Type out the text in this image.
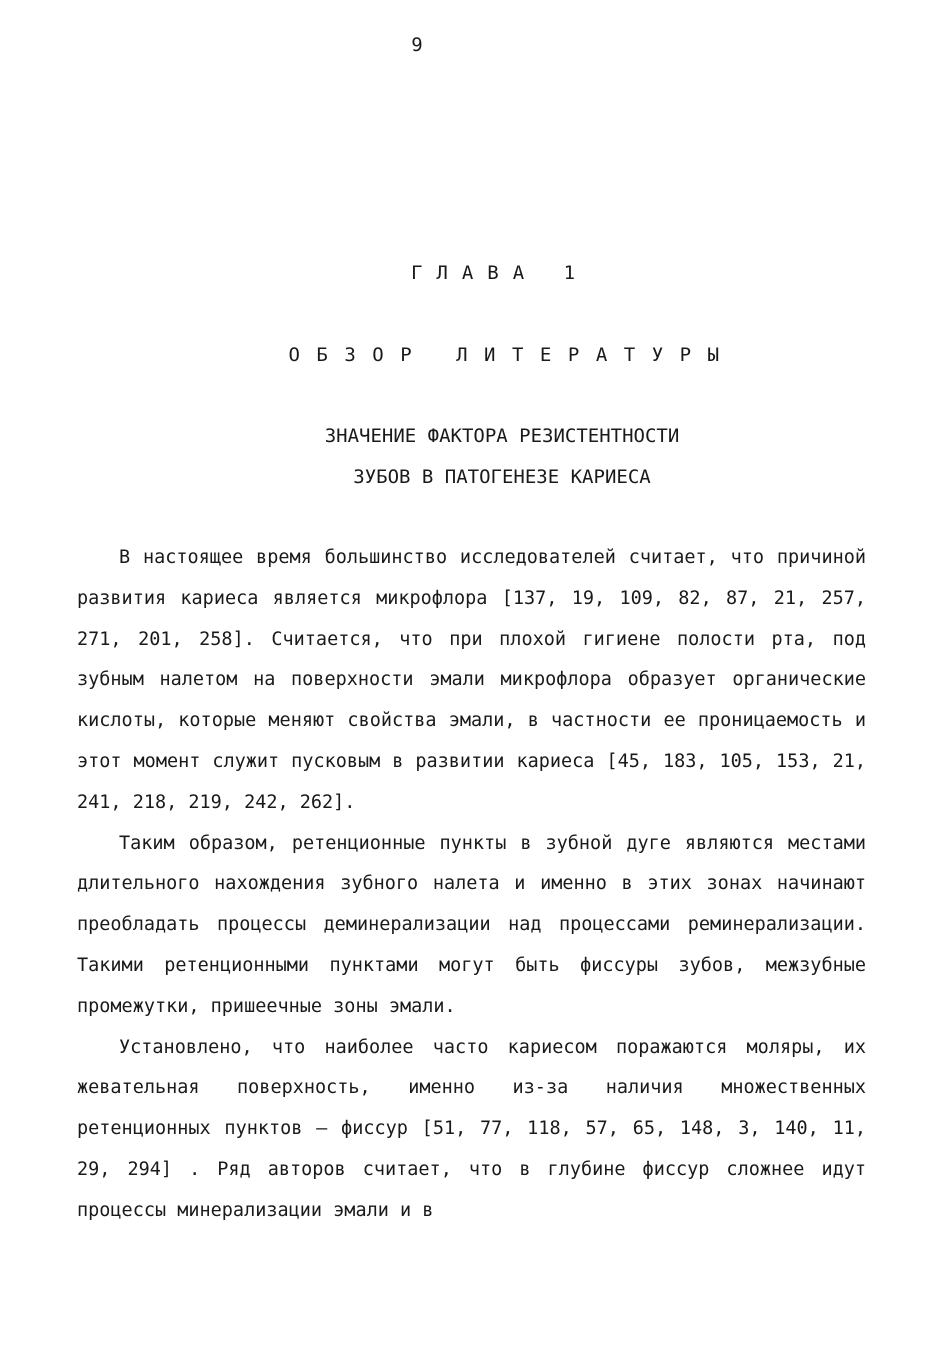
9
ГЛАВА 1
ОБЗОР ЛИТЕРАТУРЫ
ЗНАЧЕНИЕ ФАКТОРА РЕЗИСТЕНТНОСТИ
ЗУБОВ В ПАТОГЕНЕЗЕ КАРИЕСА

В настоящее время большинство исследователей считает, что причиной развития кариеса является микрофлора [137, 19, 109, 82, 87, 21, 257, 271, 201, 258]. Считается, что при плохой гигиене полости рта, под зубным налетом на поверхности эмали микрофлора образует органические кислоты, которые меняют свойства эмали, в частности ее проницаемость и этот момент служит пусковым в развитии кариеса [45, 183, 105, 153, 21, 241, 218, 219, 242, 262].

Таким образом, ретенционные пункты в зубной дуге являются местами длительного нахождения зубного налета и именно в этих зонах начинают преобладать процессы деминерализации над процессами реминерализации. Такими ретенционными пунктами могут быть фиссуры зубов, межзубные промежутки, пришеечные зоны эмали.

Установлено, что наиболее часто кариесом поражаются моляры, их жевательная поверхность, именно из-за наличия множественных ретенционных пунктов – фиссур [51, 77, 118, 57, 65, 148, 3, 140, 11, 29, 294] . Ряд авторов считает, что в глубине фиссур сложнее идут процессы минерализации эмали и в
